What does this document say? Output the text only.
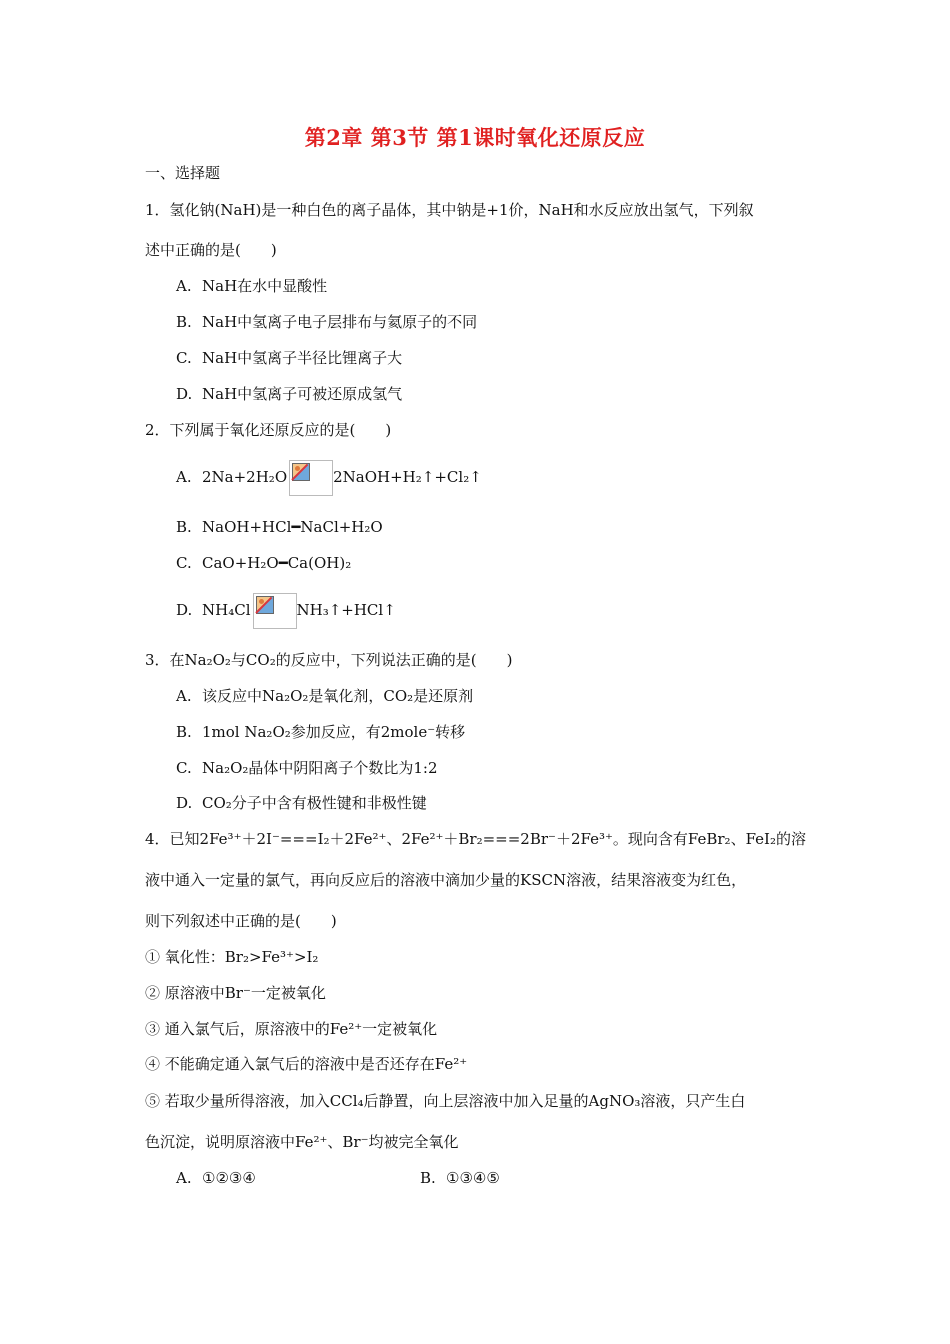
第2章 第3节 第1课时氧化还原反应
一、选择题
1．氢化钠(NaH)是一种白色的离子晶体，其中钠是+1价，NaH和水反应放出氢气，下列叙
述中正确的是(　　)
A. NaH在水中显酸性
B. NaH中氢离子电子层排布与氦原子的不同
C. NaH中氢离子半径比锂离子大
D. NaH中氢离子可被还原成氢气
2．下列属于氧化还原反应的是(　　)
A. 2Na+2H₂O	2NaOH+H₂↑+Cl₂↑
B. NaOH+HCl━NaCl+H₂O
C. CaO+H₂O━Ca(OH)₂
D. NH₄Cl	NH₃↑+HCl↑
3．在Na₂O₂与CO₂的反应中，下列说法正确的是(　　)
A. 该反应中Na₂O₂是氧化剂，CO₂是还原剂
B. 1mol Na₂O₂参加反应，有2mole⁻转移
C. Na₂O₂晶体中阴阳离子个数比为1:2
D. CO₂分子中含有极性键和非极性键
4．已知2Fe³⁺＋2I⁻===I₂＋2Fe²⁺、2Fe²⁺＋Br₂===2Br⁻＋2Fe³⁺。现向含有FeBr₂、FeI₂的溶
液中通入一定量的氯气，再向反应后的溶液中滴加少量的KSCN溶液，结果溶液变为红色，
则下列叙述中正确的是(　　)
① 氧化性：Br₂>Fe³⁺>I₂
② 原溶液中Br⁻一定被氧化
③ 通入氯气后，原溶液中的Fe²⁺一定被氧化
④ 不能确定通入氯气后的溶液中是否还存在Fe²⁺
⑤ 若取少量所得溶液，加入CCl₄后静置，向上层溶液中加入足量的AgNO₃溶液，只产生白
色沉淀，说明原溶液中Fe²⁺、Br⁻均被完全氧化
A. ①②③④	B. ①③④⑤
